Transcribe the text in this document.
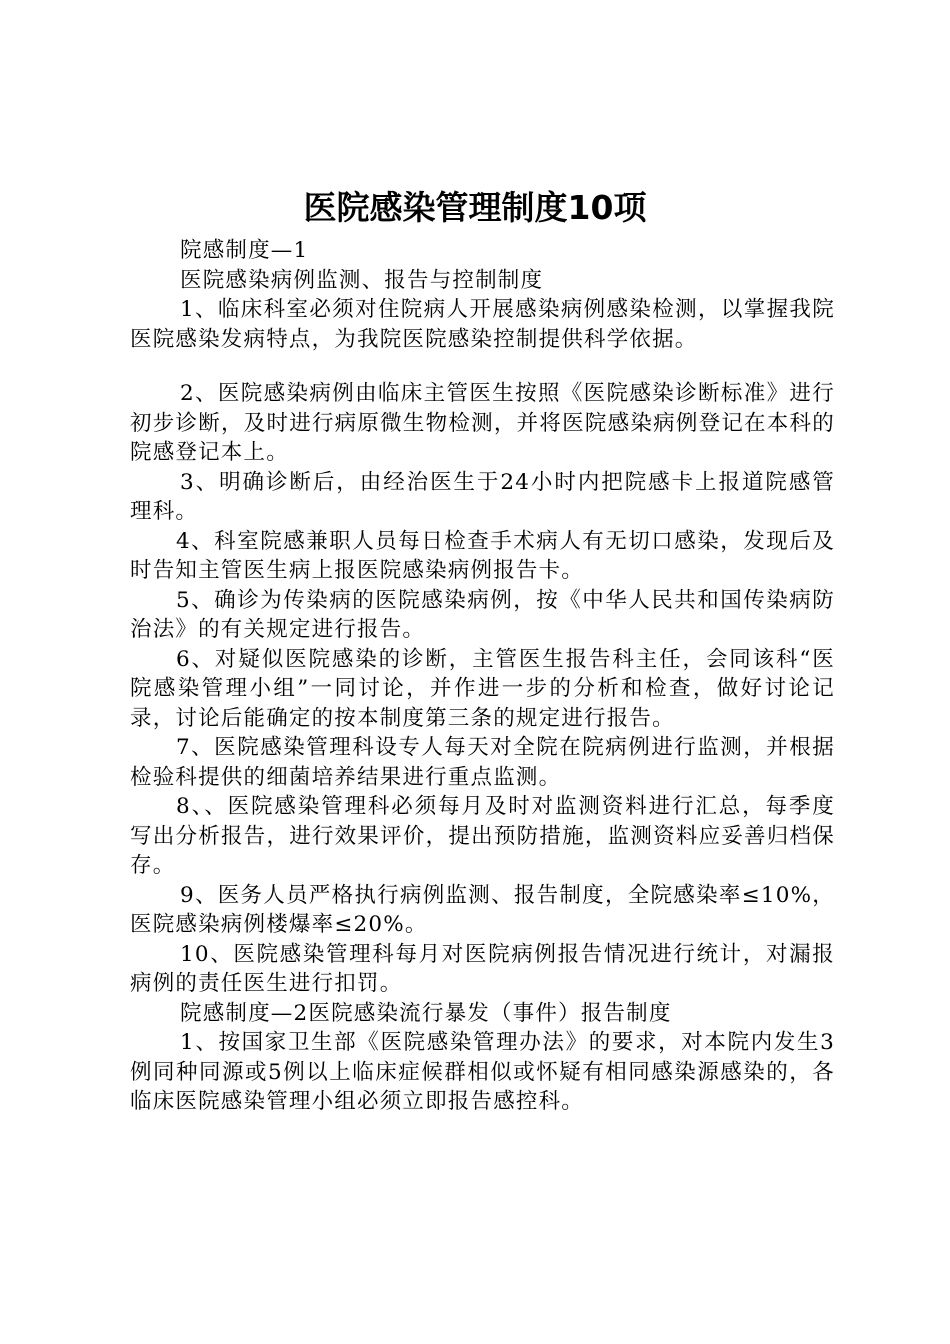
医院感染管理制度10项

院感制度—1

医院感染病例监测、报告与控制制度

1、临床科室必须对住院病人开展感染病例感染检测，以掌握我院医院感染发病特点，为我院医院感染控制提供科学依据。

2、医院感染病例由临床主管医生按照《医院感染诊断标准》进行初步诊断，及时进行病原微生物检测，并将医院感染病例登记在本科的院感登记本上。

3、明确诊断后，由经治医生于24小时内把院感卡上报道院感管理科。

4、科室院感兼职人员每日检查手术病人有无切口感染，发现后及时告知主管医生病上报医院感染病例报告卡。

5、确诊为传染病的医院感染病例，按《中华人民共和国传染病防治法》的有关规定进行报告。

6、对疑似医院感染的诊断，主管医生报告科主任，会同该科“医院感染管理小组”一同讨论，并作进一步的分析和检查，做好讨论记录，讨论后能确定的按本制度第三条的规定进行报告。

7、医院感染管理科设专人每天对全院在院病例进行监测，并根据检验科提供的细菌培养结果进行重点监测。

8、、医院感染管理科必须每月及时对监测资料进行汇总，每季度写出分析报告，进行效果评价，提出预防措施，监测资料应妥善归档保存。

9、医务人员严格执行病例监测、报告制度，全院感染率≤10%，医院感染病例楼爆率≤20%。

10、医院感染管理科每月对医院病例报告情况进行统计，对漏报病例的责任医生进行扣罚。

院感制度—2医院感染流行暴发（事件）报告制度

1、按国家卫生部《医院感染管理办法》的要求，对本院内发生3例同种同源或5例以上临床症候群相似或怀疑有相同感染源感染的，各临床医院感染管理小组必须立即报告感控科。
